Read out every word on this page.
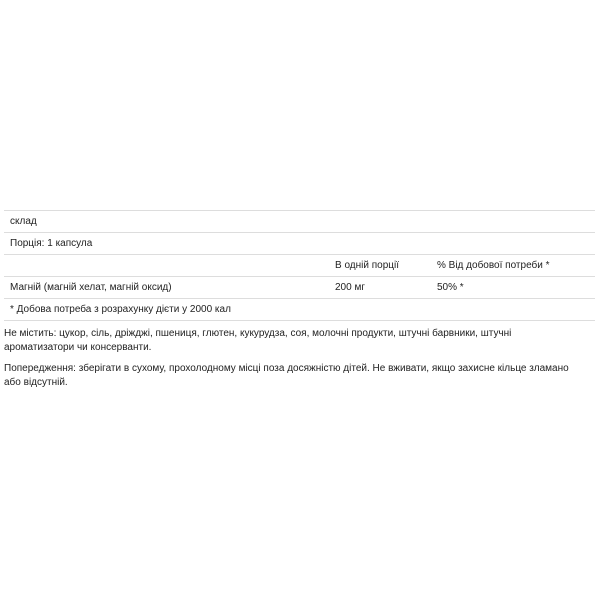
склад		
Порція: 1 капсула		
	В одній порції	% Від добової потреби *
Магній (магній хелат, магній оксид)	200 мг	50% *
* Добова потреба з розрахунку дієти у 2000 кал		

Не містить: цукор, сіль, дріжджі, пшениця, глютен, кукурудза, соя, молочні продукти, штучні барвники, штучні ароматизатори чи консерванти.

Попередження: зберігати в сухому, прохолодному місці поза досяжністю дітей. Не вживати, якщо захисне кільце зламано або відсутній.
